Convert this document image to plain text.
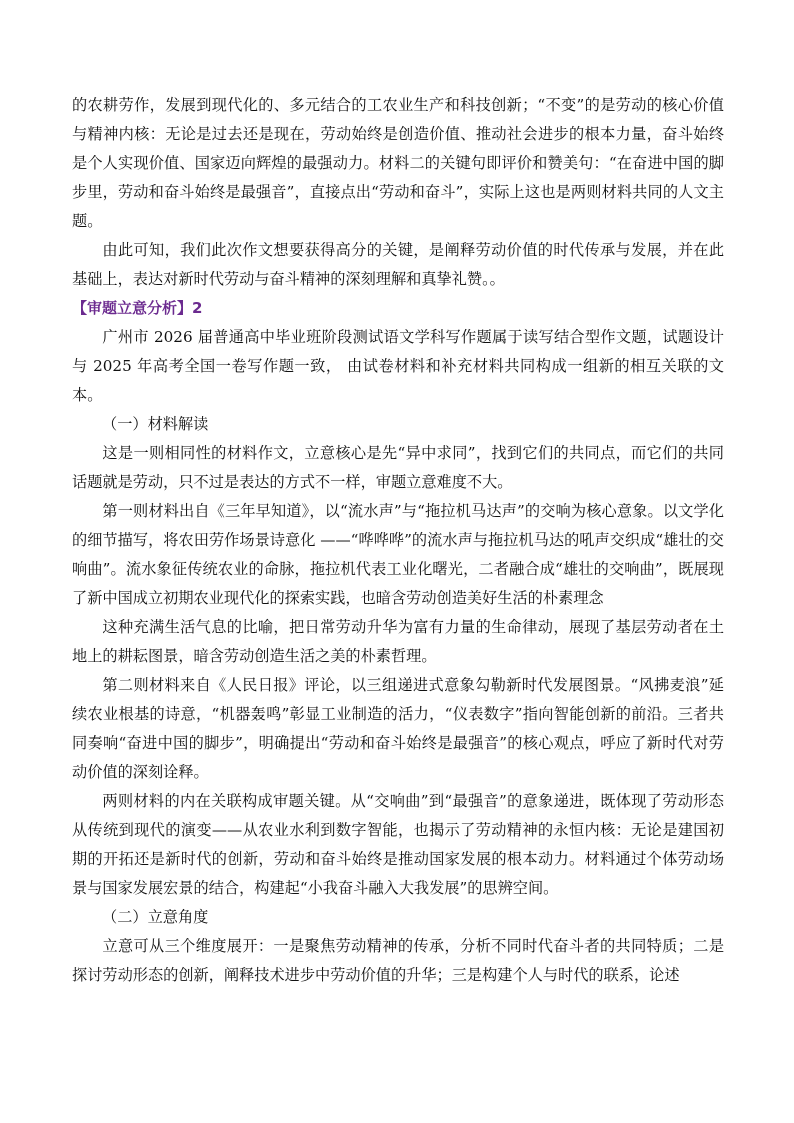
的农耕劳作，发展到现代化的、多元结合的工农业生产和科技创新；“不变”的是劳动的核心价值与精神内核：无论是过去还是现在，劳动始终是创造价值、推动社会进步的根本力量，奋斗始终是个人实现价值、国家迈向辉煌的最强动力。材料二的关键句即评价和赞美句：“在奋进中国的脚步里，劳动和奋斗始终是最强音”，直接点出“劳动和奋斗”，实际上这也是两则材料共同的人文主题。

由此可知，我们此次作文想要获得高分的关键，是阐释劳动价值的时代传承与发展，并在此基础上，表达对新时代劳动与奋斗精神的深刻理解和真挚礼赞。。

【审题立意分析】2

广州市 2026 届普通高中毕业班阶段测试语文学科写作题属于读写结合型作文题，试题设计与 2025 年高考全国一卷写作题一致， 由试卷材料和补充材料共同构成一组新的相互关联的文本。

（一）材料解读

这是一则相同性的材料作文，立意核心是先“异中求同”，找到它们的共同点，而它们的共同话题就是劳动，只不过是表达的方式不一样，审题立意难度不大。

第一则材料出自《三年早知道》，以“流水声”与“拖拉机马达声”的交响为核心意象。以文学化的细节描写，将农田劳作场景诗意化 ——“哗哗哗”的流水声与拖拉机马达的吼声交织成“雄壮的交响曲”。流水象征传统农业的命脉，拖拉机代表工业化曙光，二者融合成“雄壮的交响曲”，既展现了新中国成立初期农业现代化的探索实践，也暗含劳动创造美好生活的朴素理念

这种充满生活气息的比喻，把日常劳动升华为富有力量的生命律动，展现了基层劳动者在土地上的耕耘图景，暗含劳动创造生活之美的朴素哲理。

第二则材料来自《人民日报》评论，以三组递进式意象勾勒新时代发展图景。“风拂麦浪”延续农业根基的诗意，“机器轰鸣”彰显工业制造的活力，“仪表数字”指向智能创新的前沿。三者共同奏响“奋进中国的脚步”，明确提出“劳动和奋斗始终是最强音”的核心观点，呼应了新时代对劳动价值的深刻诠释。

两则材料的内在关联构成审题关键。从“交响曲”到“最强音”的意象递进，既体现了劳动形态从传统到现代的演变——从农业水利到数字智能，也揭示了劳动精神的永恒内核：无论是建国初期的开拓还是新时代的创新，劳动和奋斗始终是推动国家发展的根本动力。材料通过个体劳动场景与国家发展宏景的结合，构建起“小我奋斗融入大我发展”的思辨空间。

（二）立意角度

立意可从三个维度展开：一是聚焦劳动精神的传承，分析不同时代奋斗者的共同特质；二是探讨劳动形态的创新，阐释技术进步中劳动价值的升华；三是构建个人与时代的联系，论述
